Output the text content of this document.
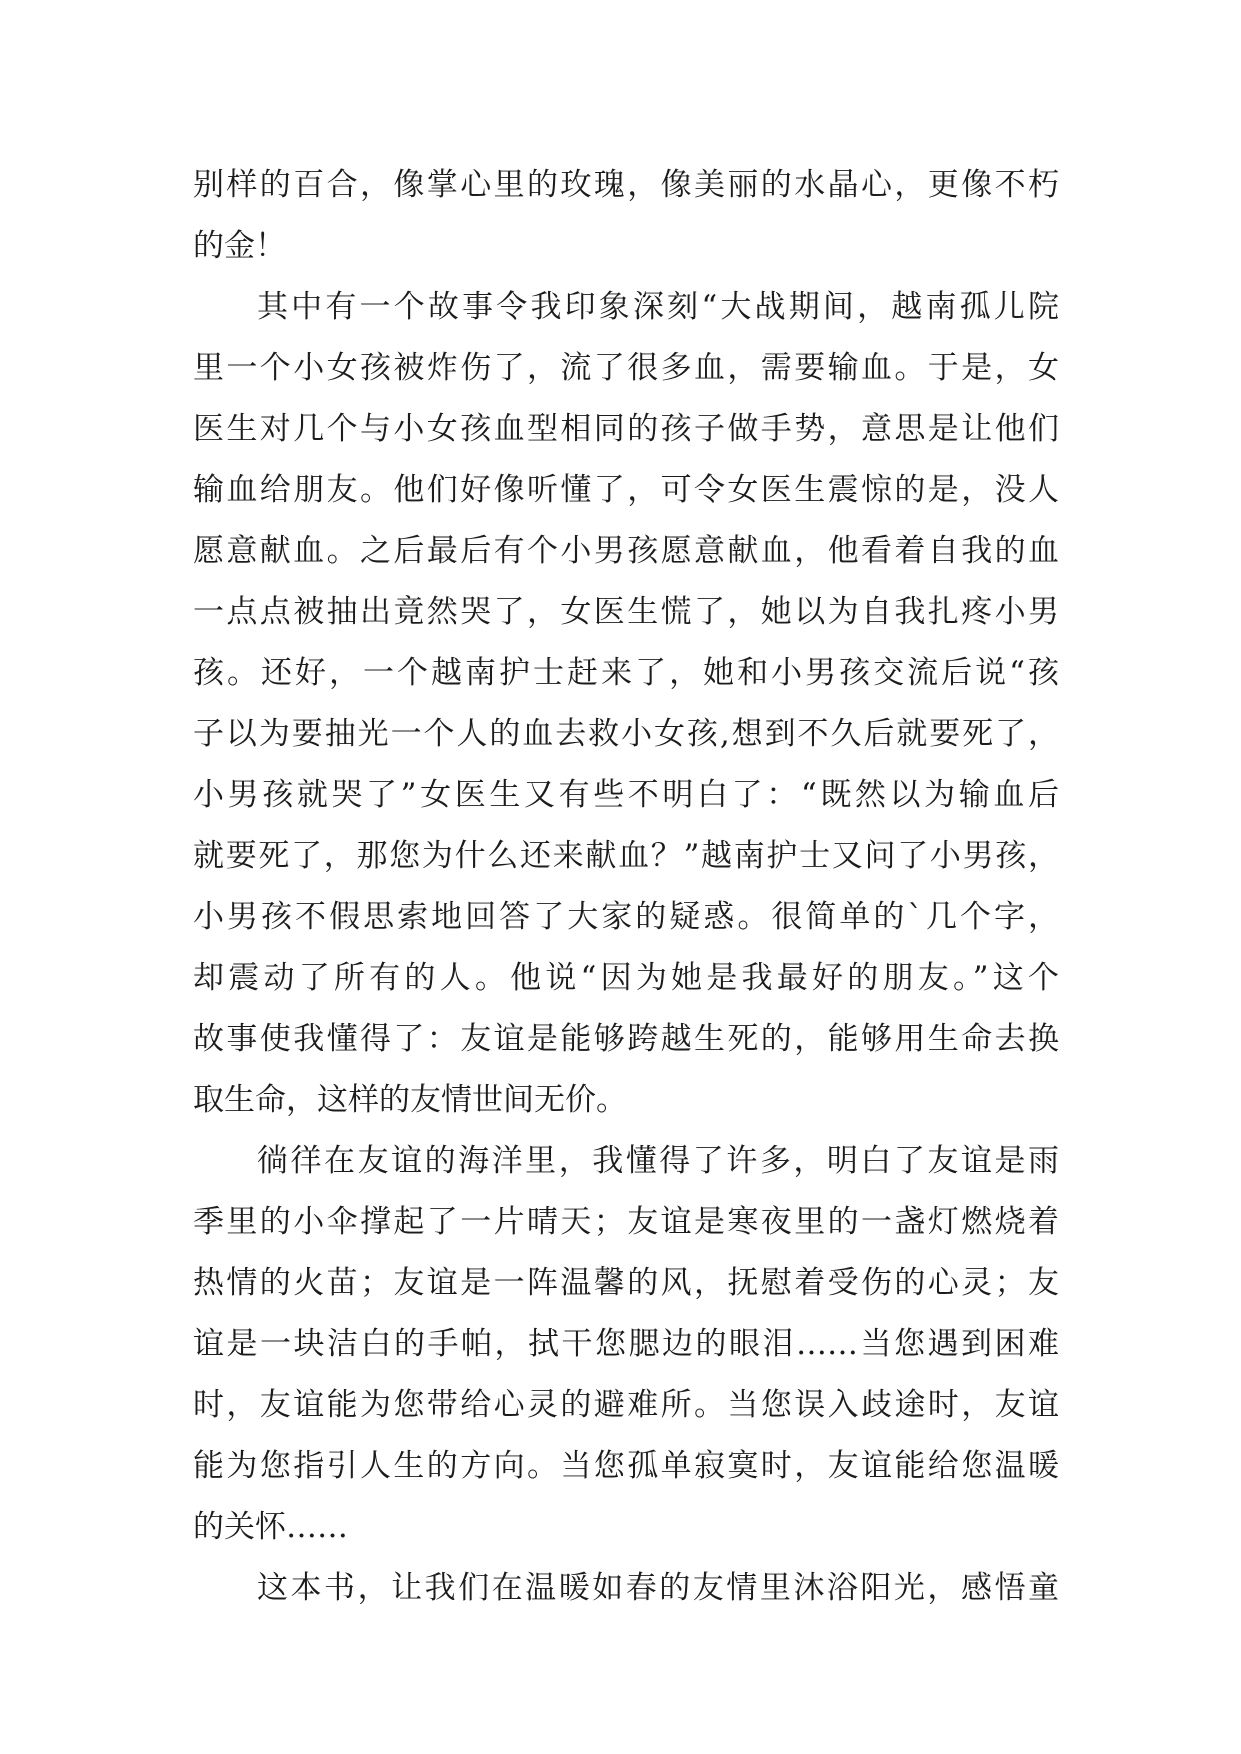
别样的百合，像掌心里的玫瑰，像美丽的水晶心，更像不朽
的金！
其中有一个故事令我印象深刻“大战期间，越南孤儿院
里一个小女孩被炸伤了，流了很多血，需要输血。于是，女
医生对几个与小女孩血型相同的孩子做手势，意思是让他们
输血给朋友。他们好像听懂了，可令女医生震惊的是，没人
愿意献血。之后最后有个小男孩愿意献血，他看着自我的血
一点点被抽出竟然哭了，女医生慌了，她以为自我扎疼小男
孩。还好，一个越南护士赶来了，她和小男孩交流后说“孩
子以为要抽光一个人的血去救小女孩,想到不久后就要死了，
小男孩就哭了”女医生又有些不明白了：“既然以为输血后
就要死了，那您为什么还来献血？”越南护士又问了小男孩，
小男孩不假思索地回答了大家的疑惑。很简单的`几个字，
却震动了所有的人。他说“因为她是我最好的朋友。”这个
故事使我懂得了：友谊是能够跨越生死的，能够用生命去换
取生命，这样的友情世间无价。
徜徉在友谊的海洋里，我懂得了许多，明白了友谊是雨
季里的小伞撑起了一片晴天；友谊是寒夜里的一盏灯燃烧着
热情的火苗；友谊是一阵温馨的风，抚慰着受伤的心灵；友
谊是一块洁白的手帕，拭干您腮边的眼泪……当您遇到困难
时，友谊能为您带给心灵的避难所。当您误入歧途时，友谊
能为您指引人生的方向。当您孤单寂寞时，友谊能给您温暖
的关怀……
这本书，让我们在温暖如春的友情里沐浴阳光，感悟童
